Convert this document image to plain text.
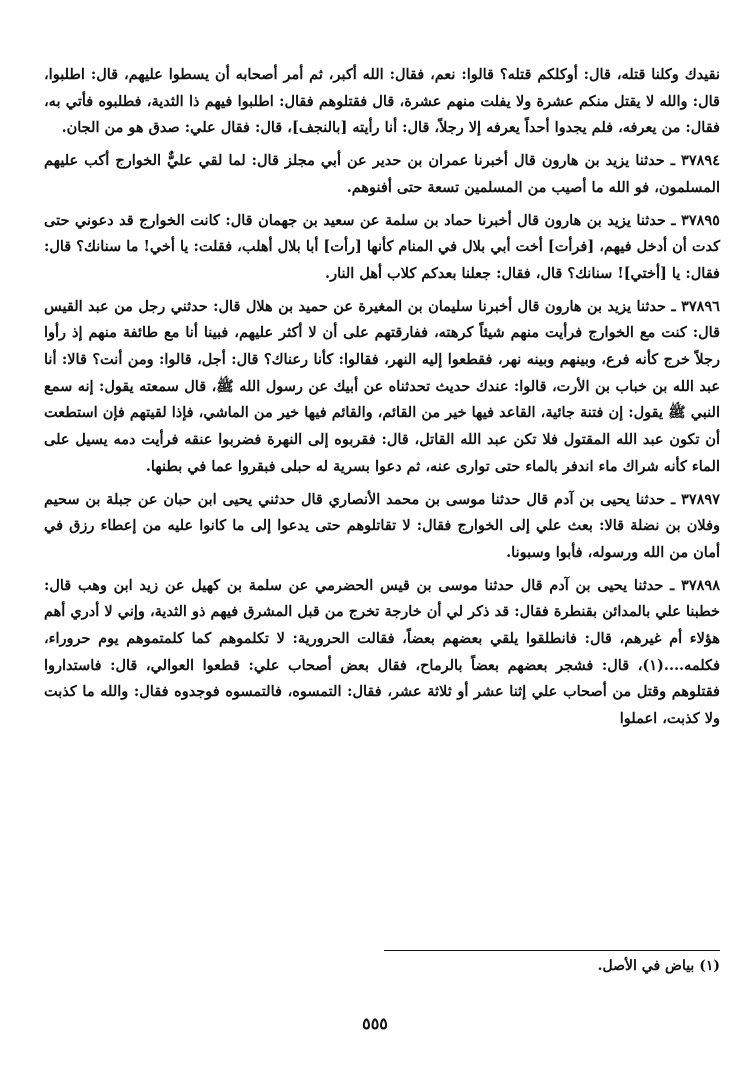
نقيدك وكلنا قتله، قال: أوكلكم قتله؟ قالوا: نعم، فقال: الله أكبر، ثم أمر أصحابه أن يسطوا عليهم، قال: اطلبوا، قال: والله لا يقتل منكم عشرة ولا يفلت منهم عشرة، قال فقتلوهم فقال: اطلبوا فيهم ذا الثدية، فطلبوه فأتي به، فقال: من يعرفه، فلم يجدوا أحداً يعرفه إلا رجلاً، قال: أنا رأيته [بالنجف]، قال: فقال علي: صدق هو من الجان.

٣٧٨٩٤ ـ حدثنا يزيد بن هارون قال أخبرنا عمران بن حدير عن أبي مجلز قال: لما لقي عليٌّ الخوارج أكب عليهم المسلمون، فو الله ما أصيب من المسلمين تسعة حتى أفنوهم.

٣٧٨٩٥ ـ حدثنا يزيد بن هارون قال أخبرنا حماد بن سلمة عن سعيد بن جهمان قال: كانت الخوارج قد دعوني حتى كدت أن أدخل فيهم، [فرأت] أخت أبي بلال في المنام كأنها [رأت] أبا بلال أهلب، فقلت: يا أخي! ما سنانك؟ قال: فقال: يا [أختي]! سنانك؟ قال، فقال: جعلنا بعدكم كلاب أهل النار.

٣٧٨٩٦ ـ حدثنا يزيد بن هارون قال أخبرنا سليمان بن المغيرة عن حميد بن هلال قال: حدثني رجل من عبد القيس قال: كنت مع الخوارج فرأيت منهم شيئاً كرهته، ففارقتهم على أن لا أكثر عليهم، فبينا أنا مع طائفة منهم إذ رأوا رجلاً خرج كأنه فرع، وبينهم وبينه نهر، فقطعوا إليه النهر، فقالوا: كأنا رعناك؟ قال: أجل، قالوا: ومن أنت؟ قالا: أنا عبد الله بن خباب بن الأرت، قالوا: عندك حديث تحدثناه عن أبيك عن رسول الله ﷺ، قال سمعته يقول: إنه سمع النبي ﷺ يقول: إن فتنة جائية، القاعد فيها خير من القائم، والقائم فيها خير من الماشي، فإذا لقيتهم فإن استطعت أن تكون عبد الله المقتول فلا تكن عبد الله القاتل، قال: فقربوه إلى النهرة فضربوا عنقه فرأيت دمه يسيل على الماء كأنه شراك ماء اندفر بالماء حتى توارى عنه، ثم دعوا بسرية له حبلى فبقروا عما في بطنها.

٣٧٨٩٧ ـ حدثنا يحيى بن آدم قال حدثنا موسى بن محمد الأنصاري قال حدثني يحيى ابن حبان عن جبلة بن سحيم وفلان بن نضلة قالا: بعث علي إلى الخوارج فقال: لا تقاتلوهم حتى يدعوا إلى ما كانوا عليه من إعطاء رزق في أمان من الله ورسوله، فأبوا وسبونا.

٣٧٨٩٨ ـ حدثنا يحيى بن آدم قال حدثنا موسى بن قيس الحضرمي عن سلمة بن كهيل عن زيد ابن وهب قال: خطبنا علي بالمدائن بقنطرة فقال: قد ذكر لي أن خارجة تخرج من قبل المشرق فيهم ذو الثدية، وإني لا أدري أهم هؤلاء أم غيرهم، قال: فانطلقوا يلقي بعضهم بعضاً، فقالت الحرورية: لا تكلموهم كما كلمتموهم يوم حروراء، فكلمه....(١)، قال: فشجر بعضهم بعضاً بالرماح، فقال بعض أصحاب علي: قطعوا العوالي، قال: فاستداروا فقتلوهم وقتل من أصحاب علي إثنا عشر أو ثلاثة عشر، فقال: التمسوه، فالتمسوه فوجدوه فقال: والله ما كذبت ولا كذبت، اعملوا

(١) بياض في الأصل.
٥٥٥
